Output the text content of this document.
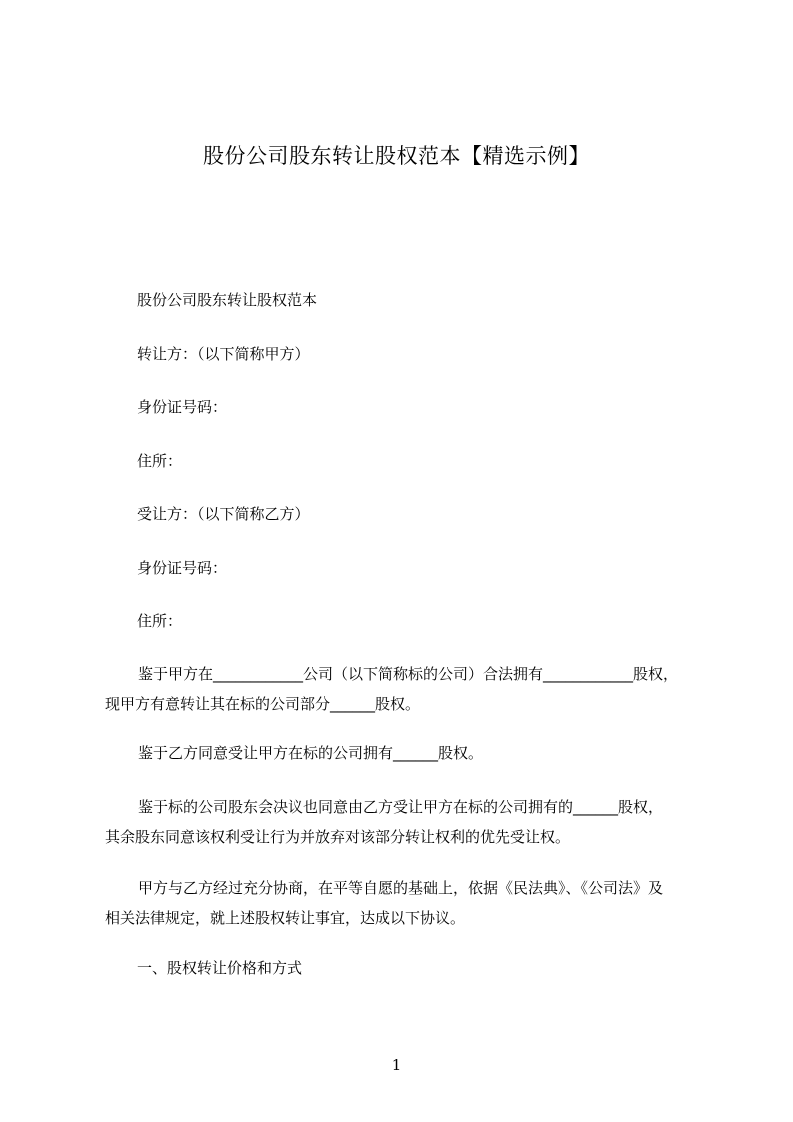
股份公司股东转让股权范本【精选示例】
股份公司股东转让股权范本
转让方：（以下简称甲方）
身份证号码：
住所：
受让方：（以下简称乙方）
身份证号码：
住所：

鉴于甲方在____________公司（以下简称标的公司）合法拥有____________股权，

现甲方有意转让其在标的公司部分______股权。

鉴于乙方同意受让甲方在标的公司拥有______股权。

鉴于标的公司股东会决议也同意由乙方受让甲方在标的公司拥有的______股权，

其余股东同意该权利受让行为并放弃对该部分转让权利的优先受让权。

甲方与乙方经过充分协商，在平等自愿的基础上，依据《民法典》、《公司法》及

相关法律规定，就上述股权转让事宜，达成以下协议。

一、股权转让价格和方式
1
